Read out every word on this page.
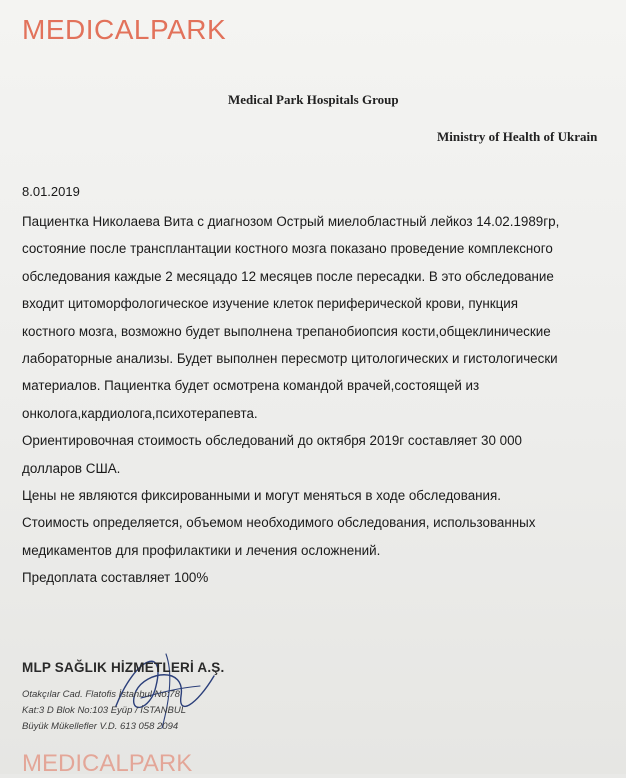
MEDICALPARK
Medical Park Hospitals Group
Ministry of Health of Ukrain
8.01.2019
Пациентка Николаева Вита с диагнозом Острый миелобластный лейкоз 14.02.1989гр,
состояние после трансплантации костного мозга показано проведение комплексного
обследования каждые 2 месяцадо 12 месяцев после пересадки. В это обследование
входит цитоморфологическое изучение клеток периферической крови, пункция
костного мозга, возможно будет выполнена трепанобиопсия кости,общеклинические
лабораторные анализы. Будет выполнен пересмотр цитологических и гистологически
материалов. Пациентка будет осмотрена командой врачей,состоящей из
онколога,кардиолога,психотерапевта.
Ориентировочная стоимость обследований до октября 2019г составляет 30 000
долларов США.
Цены не являются фиксированными и могут меняться в ходе обследования.
Стоимость определяется, объемом необходимого обследования, использованных
медикаментов для профилактики и лечения осложнений.
Предоплата составляет 100%
MLP SAĞLIK HİZMETLERİ A.Ş.
Otakçılar Cad. Flatofis İstanbul No:78
Kat:3 D Blok No:103 Eyüp / İSTANBUL
Büyük Mükellefler V.D. 613 058 2094
MEDICALPARK
